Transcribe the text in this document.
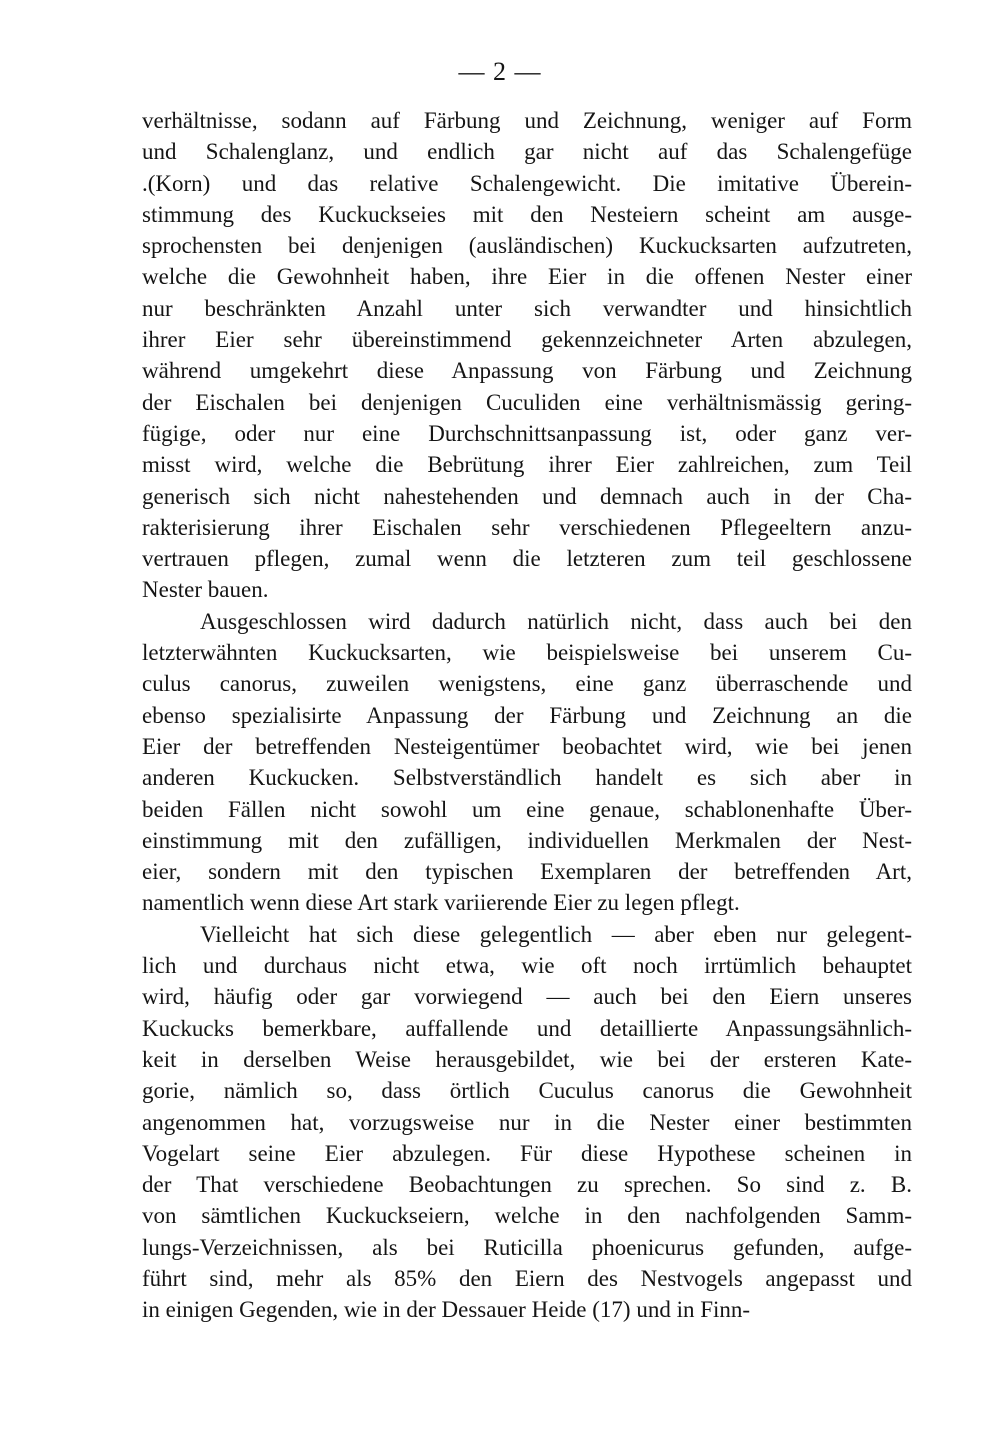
— 2 —
verhältnisse, sodann auf Färbung und Zeichnung, weniger auf Form
und Schalenglanz, und endlich gar nicht auf das Schalengefüge
.(Korn) und das relative Schalengewicht. Die imitative Überein-
stimmung des Kuckuckseies mit den Nesteiern scheint am ausge-
sprochensten bei denjenigen (ausländischen) Kuckucksarten aufzutreten,
welche die Gewohnheit haben, ihre Eier in die offenen Nester einer
nur beschränkten Anzahl unter sich verwandter und hinsichtlich
ihrer Eier sehr übereinstimmend gekennzeichneter Arten abzulegen,
während umgekehrt diese Anpassung von Färbung und Zeichnung
der Eischalen bei denjenigen Cuculiden eine verhältnismässig gering-
fügige, oder nur eine Durchschnittsanpassung ist, oder ganz ver-
misst wird, welche die Bebrütung ihrer Eier zahlreichen, zum Teil
generisch sich nicht nahestehenden und demnach auch in der Cha-
rakterisierung ihrer Eischalen sehr verschiedenen Pflegeeltern anzu-
vertrauen pflegen, zumal wenn die letzteren zum teil geschlossene
Nester bauen.
Ausgeschlossen wird dadurch natürlich nicht, dass auch bei den
letzterwähnten Kuckucksarten, wie beispielsweise bei unserem Cu-
culus canorus, zuweilen wenigstens, eine ganz überraschende und
ebenso spezialisirte Anpassung der Färbung und Zeichnung an die
Eier der betreffenden Nesteigentümer beobachtet wird, wie bei jenen
anderen Kuckucken. Selbstverständlich handelt es sich aber in
beiden Fällen nicht sowohl um eine genaue, schablonenhafte Über-
einstimmung mit den zufälligen, individuellen Merkmalen der Nest-
eier, sondern mit den typischen Exemplaren der betreffenden Art,
namentlich wenn diese Art stark variierende Eier zu legen pflegt.
Vielleicht hat sich diese gelegentlich — aber eben nur gelegent-
lich und durchaus nicht etwa, wie oft noch irrtümlich behauptet
wird, häufig oder gar vorwiegend — auch bei den Eiern unseres
Kuckucks bemerkbare, auffallende und detaillierte Anpassungsähnlich-
keit in derselben Weise herausgebildet, wie bei der ersteren Kate-
gorie, nämlich so, dass örtlich Cuculus canorus die Gewohnheit
angenommen hat, vorzugsweise nur in die Nester einer bestimmten
Vogelart seine Eier abzulegen. Für diese Hypothese scheinen in
der That verschiedene Beobachtungen zu sprechen. So sind z. B.
von sämtlichen Kuckuckseiern, welche in den nachfolgenden Samm-
lungs-Verzeichnissen, als bei Ruticilla phoenicurus gefunden, aufge-
führt sind, mehr als 85% den Eiern des Nestvogels angepasst und
in einigen Gegenden, wie in der Dessauer Heide (17) und in Finn-
